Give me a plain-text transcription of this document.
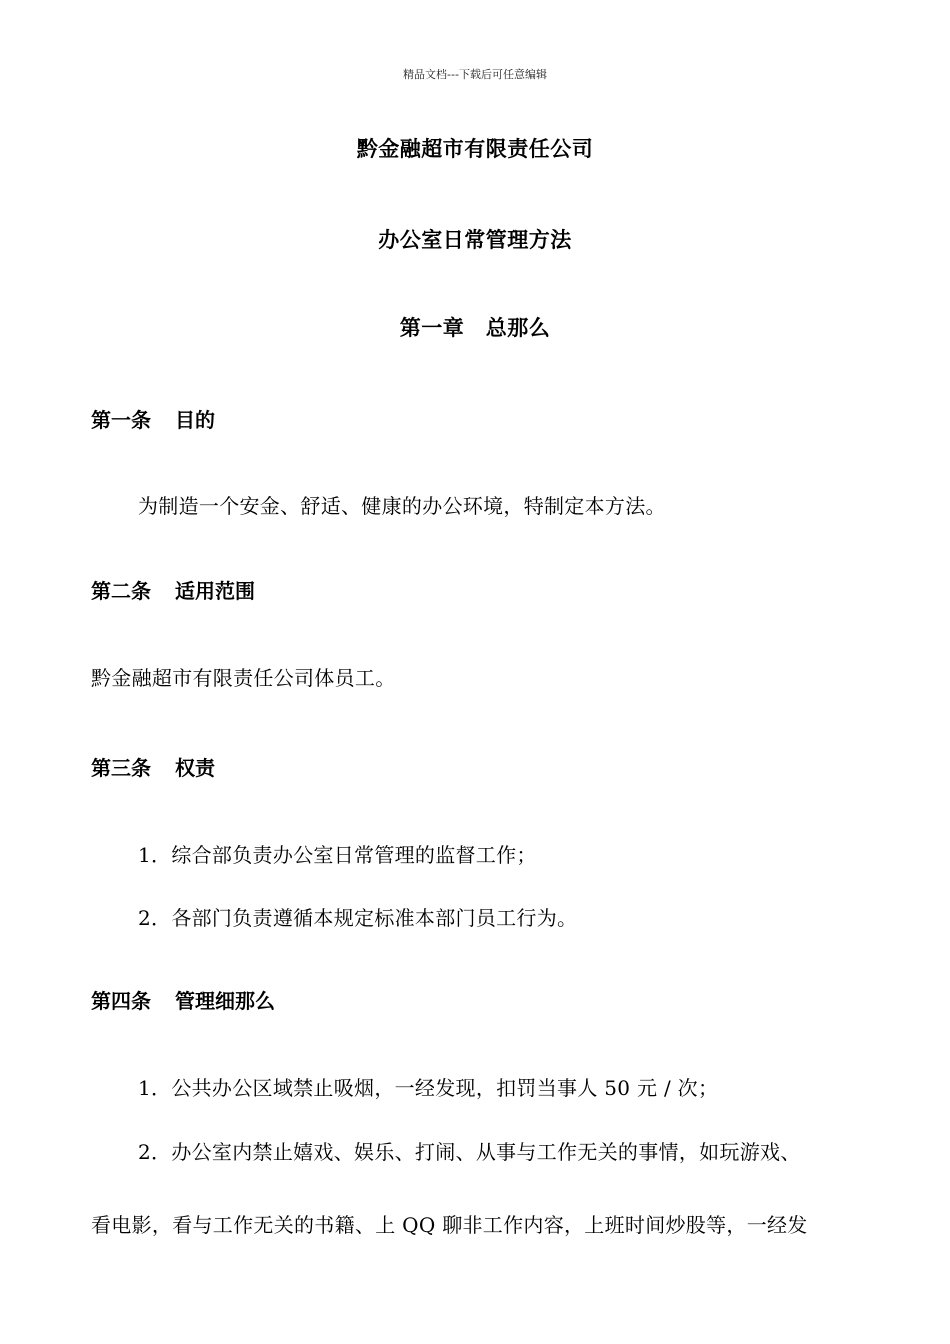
精品文档---下载后可任意编辑
黔金融超市有限责任公司
办公室日常管理方法
第一章　总那么
第一条 目的
为制造一个安金、舒适、健康的办公环境，特制定本方法。
第二条 适用范围
黔金融超市有限责任公司体员工。
第三条 权责
1．综合部负责办公室日常管理的监督工作；
2．各部门负责遵循本规定标准本部门员工行为。
第四条 管理细那么
1．公共办公区域禁止吸烟，一经发现，扣罚当事人 50 元 / 次；
2．办公室内禁止嬉戏、娱乐、打闹、从事与工作无关的事情，如玩游戏、
看电影，看与工作无关的书籍、上 QQ 聊非工作内容，上班时间炒股等，一经发
